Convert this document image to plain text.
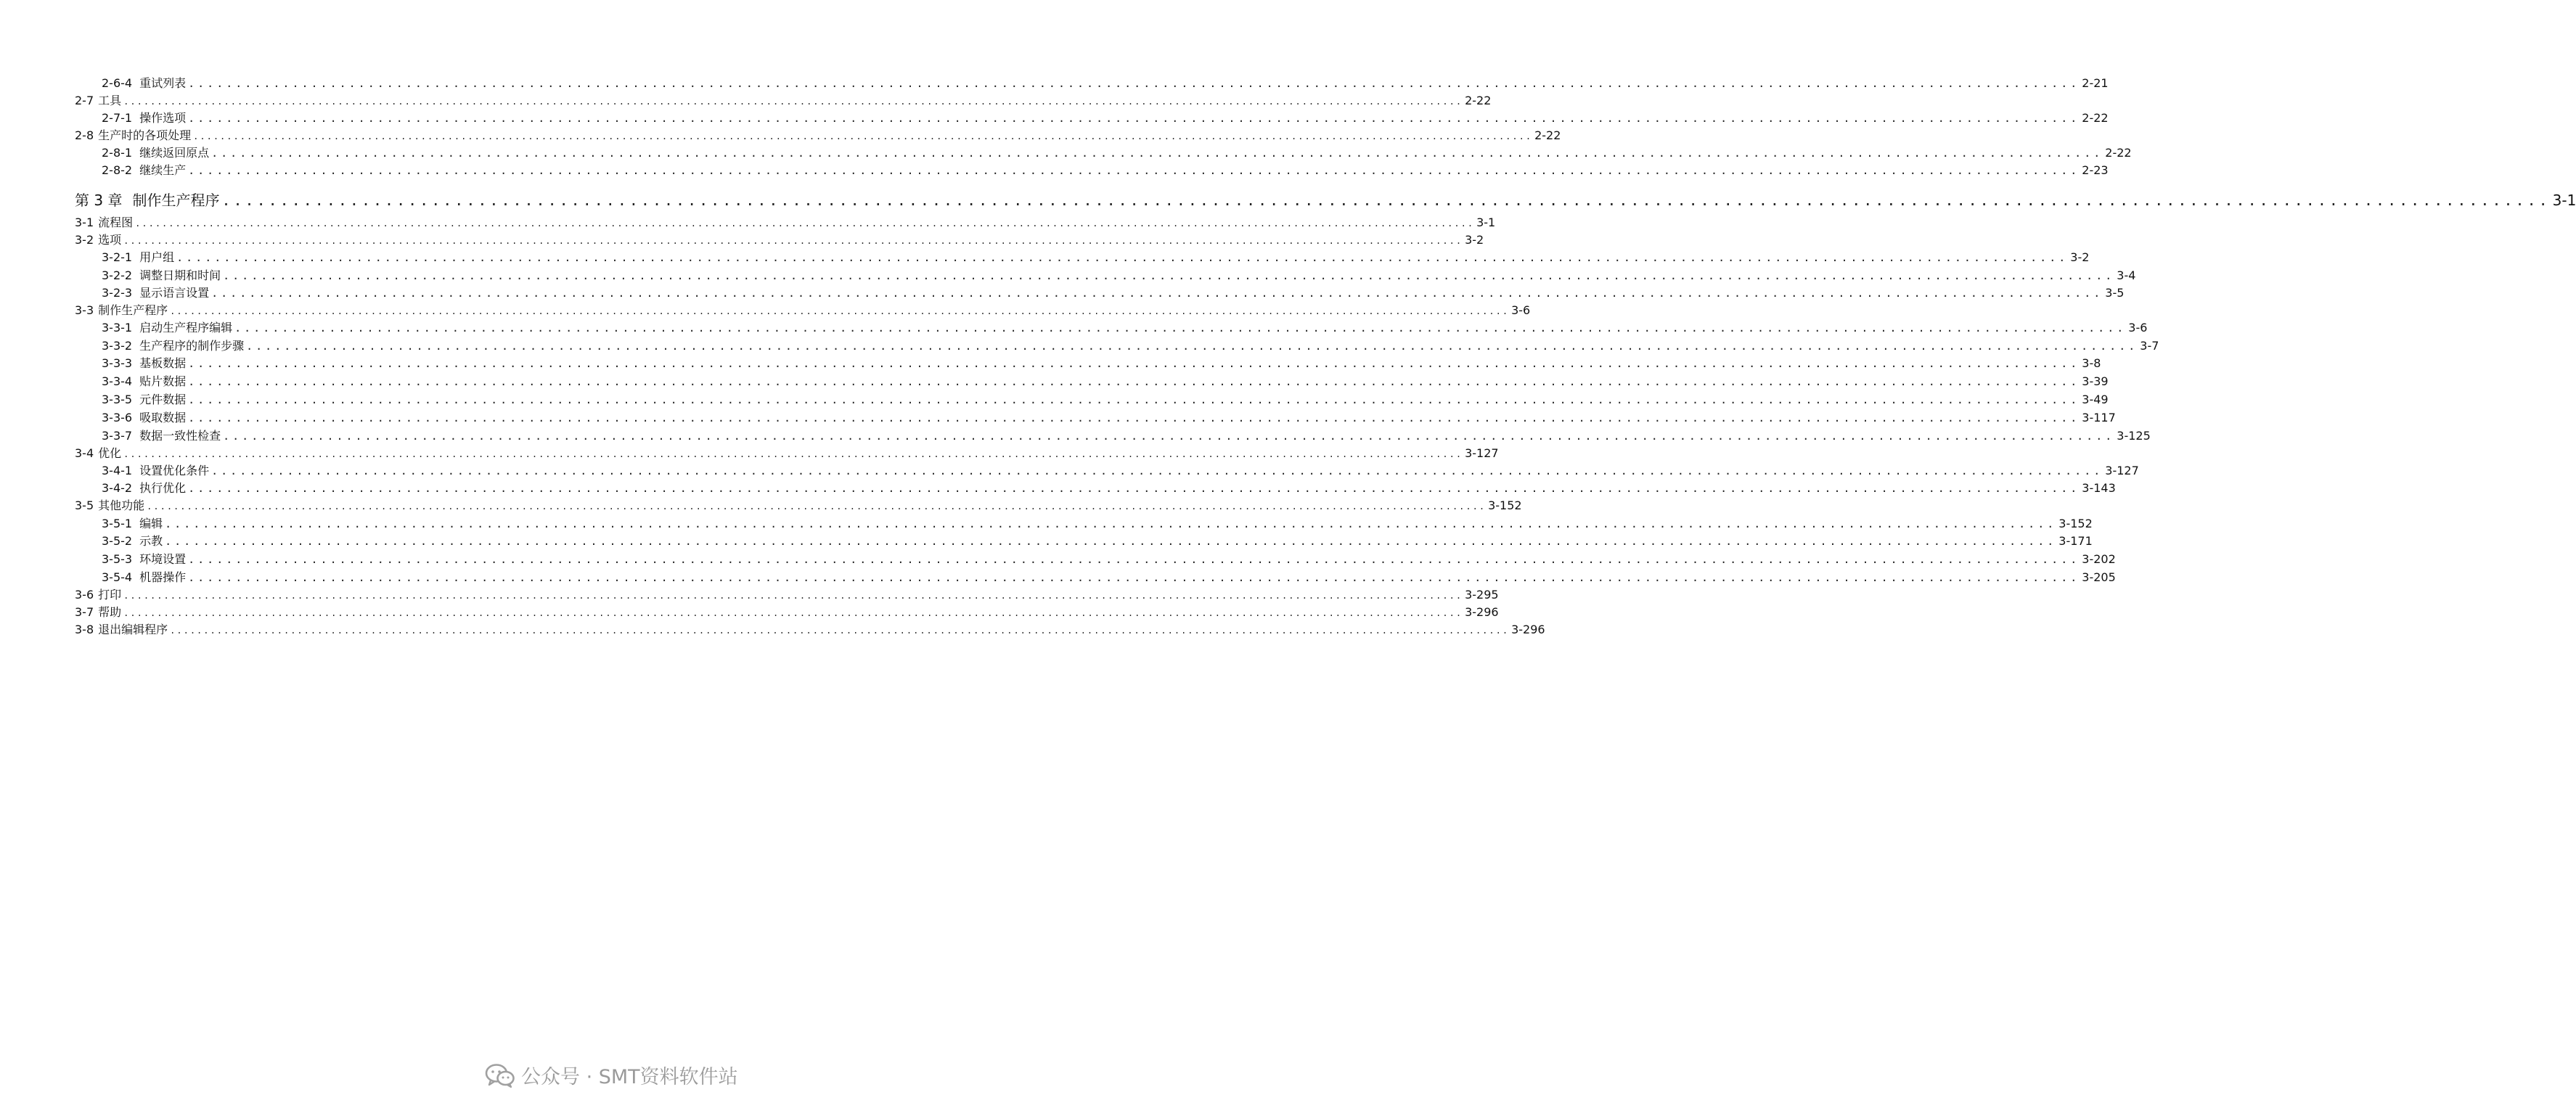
2-6-4 重试列表 ........................................................................................................................................................................................................ 2-21
2-7 工具 ........................................................................................................................................................................................................ 2-22
2-7-1 操作选项 ........................................................................................................................................................................................................ 2-22
2-8 生产时的各项处理 ........................................................................................................................................................................................................ 2-22
2-8-1 继续返回原点 ........................................................................................................................................................................................................ 2-22
2-8-2 继续生产 ........................................................................................................................................................................................................ 2-23
第 3 章 制作生产程序 ........................................................................................................................................................................................................ 3-1
3-1 流程图 ........................................................................................................................................................................................................ 3-1
3-2 选项 ........................................................................................................................................................................................................ 3-2
3-2-1 用户组 ........................................................................................................................................................................................................ 3-2
3-2-2 调整日期和时间 ........................................................................................................................................................................................................ 3-4
3-2-3 显示语言设置 ........................................................................................................................................................................................................ 3-5
3-3 制作生产程序 ........................................................................................................................................................................................................ 3-6
3-3-1 启动生产程序编辑 ........................................................................................................................................................................................................ 3-6
3-3-2 生产程序的制作步骤 ........................................................................................................................................................................................................ 3-7
3-3-3 基板数据 ........................................................................................................................................................................................................ 3-8
3-3-4 贴片数据 ........................................................................................................................................................................................................ 3-39
3-3-5 元件数据 ........................................................................................................................................................................................................ 3-49
3-3-6 吸取数据 ........................................................................................................................................................................................................ 3-117
3-3-7 数据一致性检查 ........................................................................................................................................................................................................ 3-125
3-4 优化 ........................................................................................................................................................................................................ 3-127
3-4-1 设置优化条件 ........................................................................................................................................................................................................ 3-127
3-4-2 执行优化 ........................................................................................................................................................................................................ 3-143
3-5 其他功能 ........................................................................................................................................................................................................ 3-152
3-5-1 编辑 ........................................................................................................................................................................................................ 3-152
3-5-2 示教 ........................................................................................................................................................................................................ 3-171
3-5-3 环境设置 ........................................................................................................................................................................................................ 3-202
3-5-4 机器操作 ........................................................................................................................................................................................................ 3-205
3-6 打印 ........................................................................................................................................................................................................ 3-295
3-7 帮助 ........................................................................................................................................................................................................ 3-296
3-8 退出编辑程序 ........................................................................................................................................................................................................ 3-296
公众号 · SMT资料软件站
